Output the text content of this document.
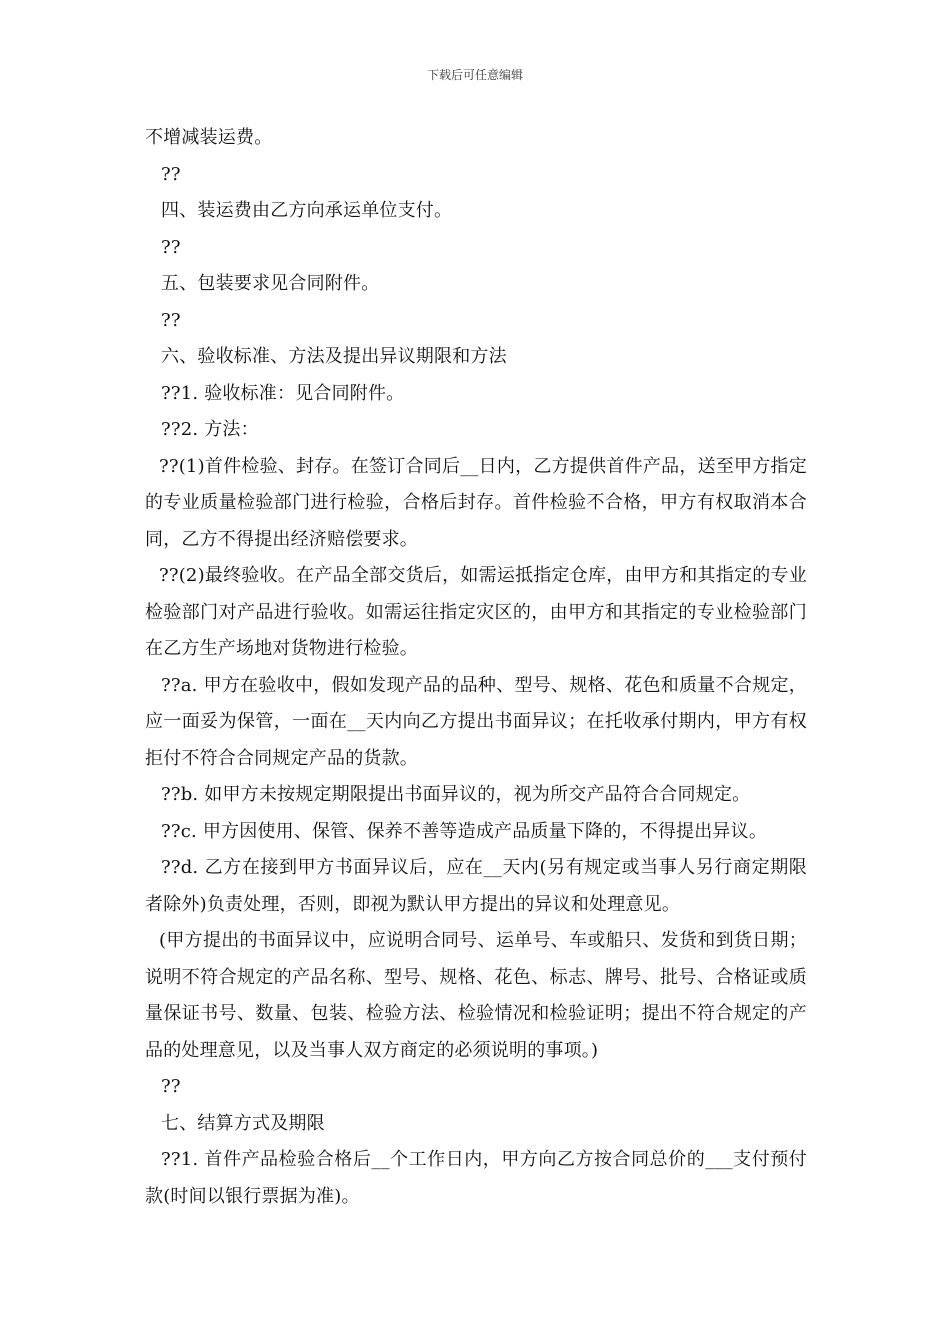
下载后可任意编辑

不增减装运费。

??

四、装运费由乙方向承运单位支付。

??

五、包装要求见合同附件。

??

六、验收标准、方法及提出异议期限和方法

??1. 验收标准：见合同附件。

??2. 方法：

??(1)首件检验、封存。在签订合同后__日内，乙方提供首件产品，送至甲方指定的专业质量检验部门进行检验，合格后封存。首件检验不合格，甲方有权取消本合同，乙方不得提出经济赔偿要求。

??(2)最终验收。在产品全部交货后，如需运抵指定仓库，由甲方和其指定的专业检验部门对产品进行验收。如需运往指定灾区的，由甲方和其指定的专业检验部门在乙方生产场地对货物进行检验。

??a. 甲方在验收中，假如发现产品的品种、型号、规格、花色和质量不合规定，应一面妥为保管，一面在__天内向乙方提出书面异议；在托收承付期内，甲方有权拒付不符合合同规定产品的货款。

??b. 如甲方未按规定期限提出书面异议的，视为所交产品符合合同规定。

??c. 甲方因使用、保管、保养不善等造成产品质量下降的，不得提出异议。

??d. 乙方在接到甲方书面异议后，应在__天内(另有规定或当事人另行商定期限者除外)负责处理，否则，即视为默认甲方提出的异议和处理意见。

(甲方提出的书面异议中，应说明合同号、运单号、车或船只、发货和到货日期；说明不符合规定的产品名称、型号、规格、花色、标志、牌号、批号、合格证或质量保证书号、数量、包装、检验方法、检验情况和检验证明；提出不符合规定的产品的处理意见，以及当事人双方商定的必须说明的事项。)

??

七、结算方式及期限

??1. 首件产品检验合格后__个工作日内，甲方向乙方按合同总价的___支付预付款(时间以银行票据为准)。
